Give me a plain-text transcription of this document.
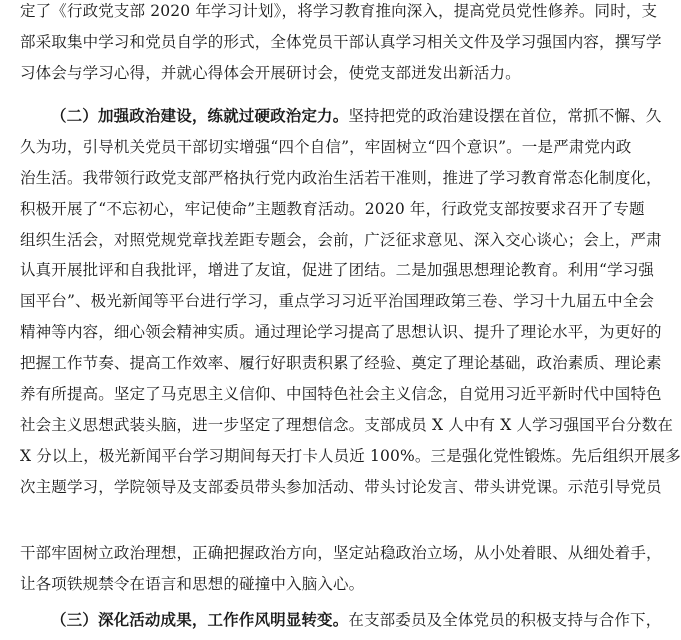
定了《行政党支部 2020 年学习计划》，将学习教育推向深入，提高党员党性修养。同时，支
部采取集中学习和党员自学的形式，全体党员干部认真学习相关文件及学习强国内容，撰写学
习体会与学习心得，并就心得体会开展研讨会，使党支部迸发出新活力。
（二）加强政治建设，练就过硬政治定力。坚持把党的政治建设摆在首位，常抓不懈、久
久为功，引导机关党员干部切实增强“四个自信”，牢固树立“四个意识”。一是严肃党内政
治生活。我带领行政党支部严格执行党内政治生活若干准则，推进了学习教育常态化制度化，
积极开展了“不忘初心，牢记使命”主题教育活动。2020 年，行政党支部按要求召开了专题
组织生活会，对照党规党章找差距专题会，会前，广泛征求意见、深入交心谈心；会上，严肃
认真开展批评和自我批评，增进了友谊，促进了团结。二是加强思想理论教育。利用“学习强
国平台”、极光新闻等平台进行学习，重点学习习近平治国理政第三卷、学习十九届五中全会
精神等内容，细心领会精神实质。通过理论学习提高了思想认识、提升了理论水平，为更好的
把握工作节奏、提高工作效率、履行好职责积累了经验、奠定了理论基础，政治素质、理论素
养有所提高。坚定了马克思主义信仰、中国特色社会主义信念，自觉用习近平新时代中国特色
社会主义思想武装头脑，进一步坚定了理想信念。支部成员 X 人中有 X 人学习强国平台分数在
X 分以上，极光新闻平台学习期间每天打卡人员近 100%。三是强化党性锻炼。先后组织开展多
次主题学习，学院领导及支部委员带头参加活动、带头讨论发言、带头讲党课。示范引导党员
干部牢固树立政治理想，正确把握政治方向，坚定站稳政治立场，从小处着眼、从细处着手，
让各项铁规禁令在语言和思想的碰撞中入脑入心。
（三）深化活动成果，工作作风明显转变。在支部委员及全体党员的积极支持与合作下，
